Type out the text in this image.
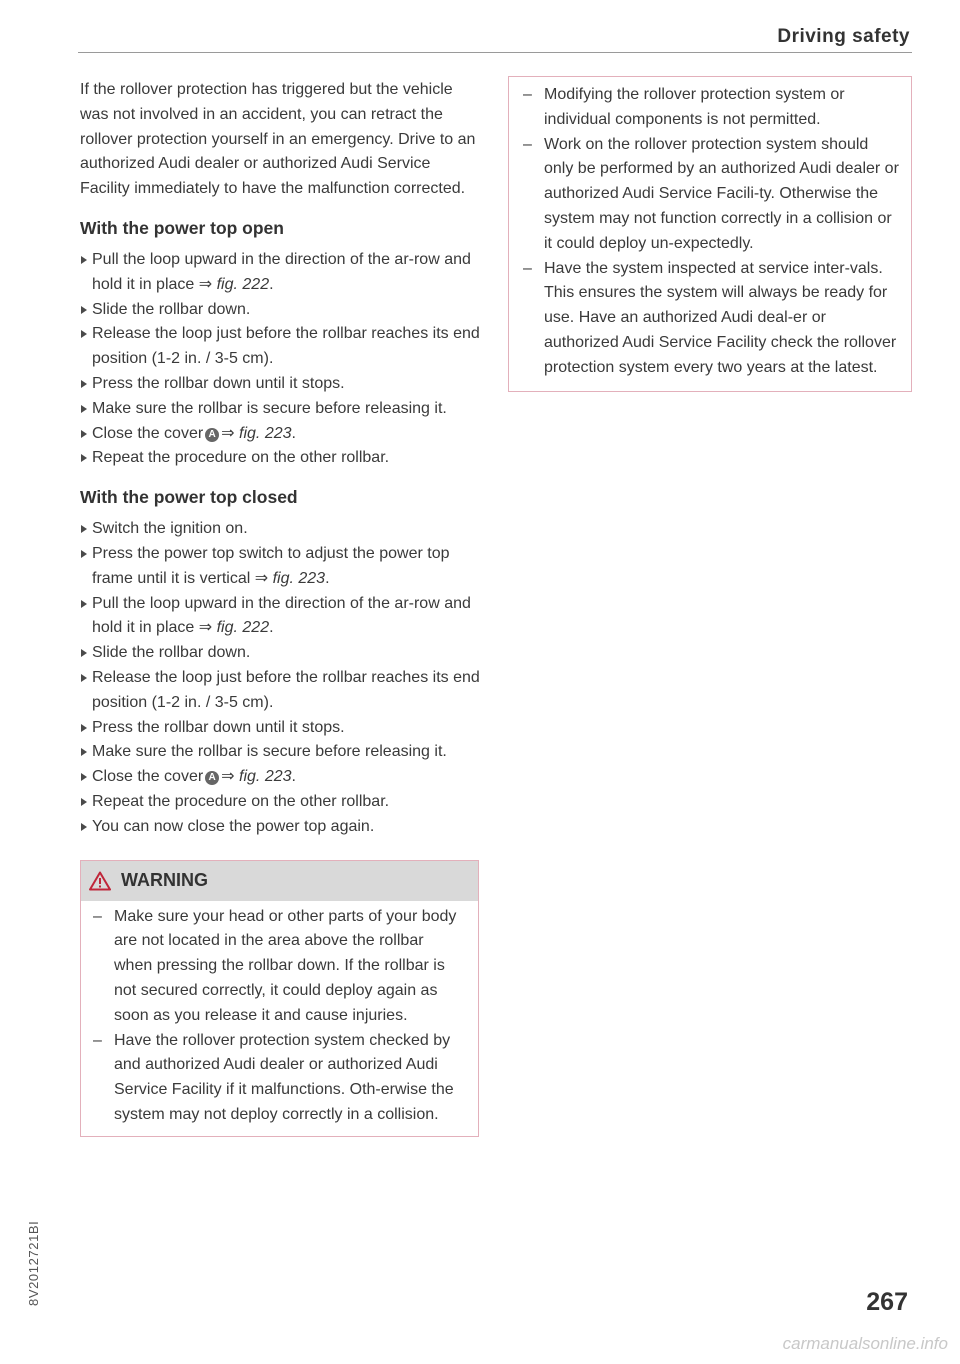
Driving safety

If the rollover protection has triggered but the vehicle was not involved in an accident, you can retract the rollover protection yourself in an emergency. Drive to an authorized Audi dealer or authorized Audi Service Facility immediately to have the malfunction corrected.

With the power top open
Pull the loop upward in the direction of the ar-row and hold it in place ⇒ fig. 222.
Slide the rollbar down.
Release the loop just before the rollbar reaches its end position (1-2 in. / 3-5 cm).
Press the rollbar down until it stops.
Make sure the rollbar is secure before releasing it.
Close the cover A ⇒ fig. 223.
Repeat the procedure on the other rollbar.
With the power top closed
Switch the ignition on.
Press the power top switch to adjust the power top frame until it is vertical ⇒ fig. 223.
Pull the loop upward in the direction of the ar-row and hold it in place ⇒ fig. 222.
Slide the rollbar down.
Release the loop just before the rollbar reaches its end position (1-2 in. / 3-5 cm).
Press the rollbar down until it stops.
Make sure the rollbar is secure before releasing it.
Close the cover A ⇒ fig. 223.
Repeat the procedure on the other rollbar.
You can now close the power top again.
WARNING
– Make sure your head or other parts of your body are not located in the area above the rollbar when pressing the rollbar down. If the rollbar is not secured correctly, it could deploy again as soon as you release it and cause injuries.
– Have the rollover protection system checked by and authorized Audi dealer or authorized Audi Service Facility if it malfunctions. Oth-erwise the system may not deploy correctly in a collision.
– Modifying the rollover protection system or individual components is not permitted.
– Work on the rollover protection system should only be performed by an authorized Audi dealer or authorized Audi Service Facili-ty. Otherwise the system may not function correctly in a collision or it could deploy un-expectedly.
– Have the system inspected at service inter-vals. This ensures the system will always be ready for use. Have an authorized Audi deal-er or authorized Audi Service Facility check the rollover protection system every two years at the latest.
8V2012721BI	267
carmanualsonline.info
